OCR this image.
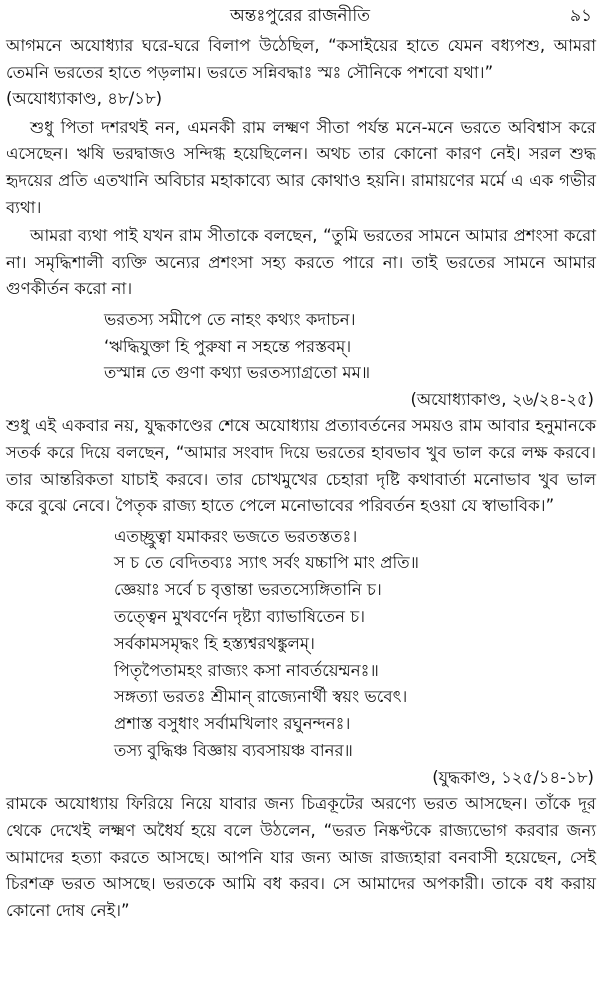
অন্তঃপুরের রাজনীতি	৯১

আগমনে অযোধ্যার ঘরে-ঘরে বিলাপ উঠেছিল, “কসাইয়ের হাতে যেমন বধ্যপশু, আমরা তেমনি ভরতের হাতে পড়লাম। ভরতে সন্নিবদ্ধাঃ স্মঃ সৌনিকে পশবো যথা।”

(অযোধ্যাকাণ্ড, ৪৮/১৮)

শুধু পিতা দশরথই নন, এমনকী রাম লক্ষ্মণ সীতা পর্যন্ত মনে-মনে ভরতে অবিশ্বাস করে এসেছেন। ঋষি ভরদ্বাজও সন্দিগ্ধ হয়েছিলেন। অথচ তার কোনো কারণ নেই। সরল শুদ্ধ হৃদয়ের প্রতি এতখানি অবিচার মহাকাব্যে আর কোথাও হয়নি। রামায়ণের মর্মে এ এক গভীর ব্যথা।

আমরা ব্যথা পাই যখন রাম সীতাকে বলছেন, “তুমি ভরতের সামনে আমার প্রশংসা করো না। সমৃদ্ধিশালী ব্যক্তি অন্যের প্রশংসা সহ্য করতে পারে না। তাই ভরতের সামনে আমার গুণকীর্তন করো না।

ভরতস্য সমীপে তে নাহং কথ্যং কদাচন।

‘ঋদ্ধিযুক্তা হি পুরুষা ন সহন্তে পরস্তবম্।

তস্মান্ন তে গুণা কথ্যা ভরতস্যাগ্রতো মম॥

(অযোধ্যাকাণ্ড, ২৬/২৪-২৫)

শুধু এই একবার নয়, যুদ্ধকাণ্ডের শেষে অযোধ্যায় প্রত্যাবর্তনের সময়ও রাম আবার হনুমানকে সতর্ক করে দিয়ে বলছেন, “আমার সংবাদ দিয়ে ভরতের হাবভাব খুব ভাল করে লক্ষ করবে। তার আন্তরিকতা যাচাই করবে। তার চোখমুখের চেহারা দৃষ্টি কথাবার্তা মনোভাব খুব ভাল করে বুঝে নেবে। পৈতৃক রাজ্য হাতে পেলে মনোভাবের পরিবর্তন হওয়া যে স্বাভাবিক।”

এতচ্ছ্রুত্বা যমাকরং ভজতে ভরতস্ততঃ।

স চ তে বেদিতব্যঃ স্যাৎ সর্বং যচ্চাপি মাং প্রতি॥

জ্ঞেয়াঃ সর্বে চ বৃত্তান্তা ভরতস্যেঙ্গিতানি চ।

তত্ত্বেন মুখবর্ণেন দৃষ্ট্যা ব্যাভাষিতেন চ।

সর্বকামসমৃদ্ধং হি হস্ত্যশ্বরথঙ্কুলম্।

পিতৃপৈতামহং রাজ্যং কসা নাবর্তয়েম্মনঃ॥

সঙ্গত্যা ভরতঃ শ্রীমান্ রাজ্যেনার্থী স্বয়ং ভবেৎ।

প্রশাস্ত বসুধাং সর্বামখিলাং রঘুনন্দনঃ।

তস্য বুদ্ধিঞ্চ বিজ্ঞায় ব্যবসায়ঞ্চ বানর॥

(যুদ্ধকাণ্ড, ১২৫/১৪-১৮)

রামকে অযোধ্যায় ফিরিয়ে নিয়ে যাবার জন্য চিত্রকূটের অরণ্যে ভরত আসছেন। তাঁকে দূর থেকে দেখেই লক্ষ্মণ অধৈর্য হয়ে বলে উঠলেন, “ভরত নিষ্কণ্টকে রাজ্যভোগ করবার জন্য আমাদের হত্যা করতে আসছে। আপনি যার জন্য আজ রাজ্যহারা বনবাসী হয়েছেন, সেই চিরশত্রু ভরত আসছে। ভরতকে আমি বধ করব। সে আমাদের অপকারী। তাকে বধ করায় কোনো দোষ নেই।”
